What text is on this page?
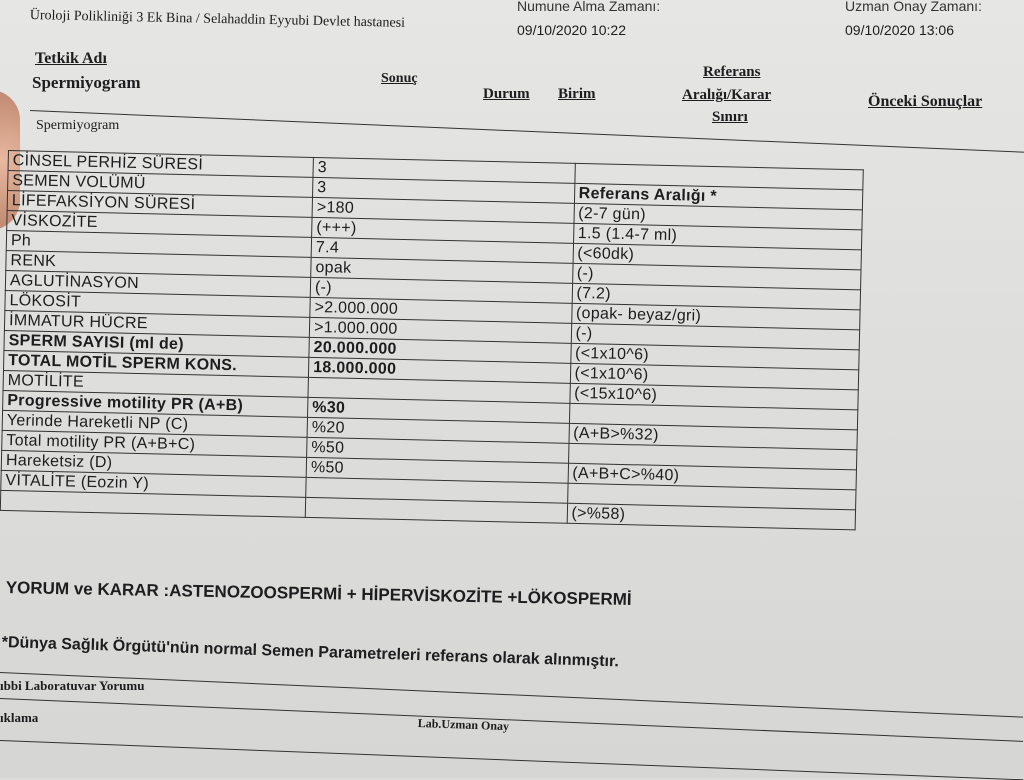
Üroloji Polikliniği 3 Ek Bina / Selahaddin Eyyubi Devlet hastanesi
Numune Alma Zamanı:
09/10/2020 10:22
Uzman Onay Zamanı:
09/10/2020 13:06
Tetkik Adı
Spermiyogram	Sonuç
Durum Birim
Referans
Aralığı/Karar
Sınırı
Önceki Sonuçlar
Spermiyogram
CİNSEL PERHİZ SÜRESİ	3	
SEMEN VOLÜMÜ	3	Referans Aralığı *
LİFEFAKSİYON SÜRESİ	>180	(2-7 gün)
VİSKOZİTE	(+++)	1.5 (1.4-7 ml)
Ph	7.4	(<60dk)
RENK	opak	(-)
AGLUTİNASYON	(-)	(7.2)
LÖKOSİT	>2.000.000	(opak- beyaz/gri)
İMMATUR HÜCRE	>1.000.000	(-)
SPERM SAYISI (ml de)	20.000.000	(<1x10^6)
TOTAL MOTİL SPERM KONS.	18.000.000	(<1x10^6)
MOTİLİTE		(<15x10^6)
Progressive motility PR (A+B)	%30	
Yerinde Hareketli NP (C)	%20	(A+B>%32)
Total motility PR (A+B+C)	%50	
Hareketsiz (D)	%50	(A+B+C>%40)
VİTALİTE (Eozin Y)		
		(>%58)
YORUM ve KARAR :ASTENOZOOSPERMİ + HİPERVİSKOZİTE +LÖKOSPERMİ
*Dünya Sağlık Örgütü'nün normal Semen Parametreleri referans olarak alınmıştır.
ıbbi Laboratuvar Yorumu
ıklama	Lab.Uzman Onay
